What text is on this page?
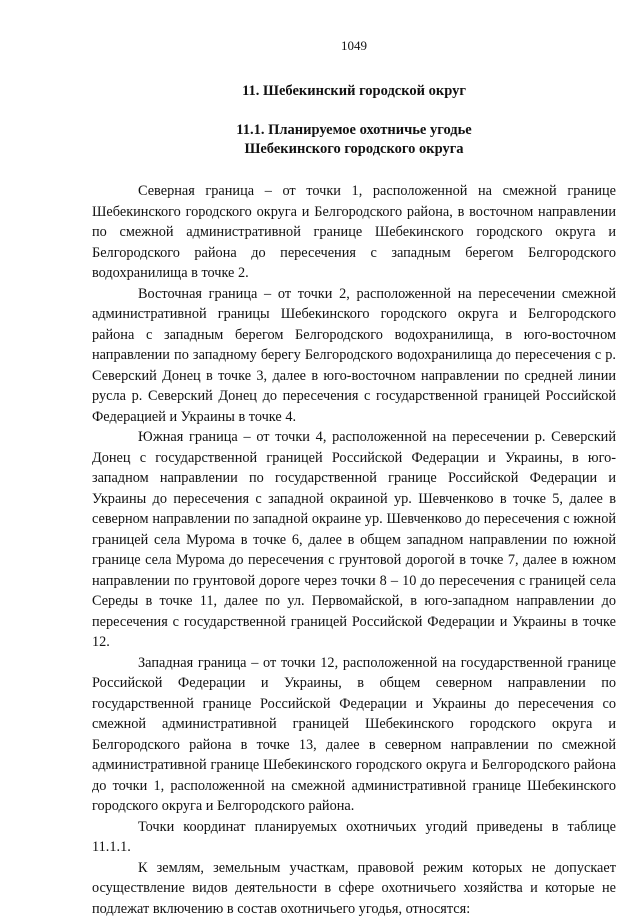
1049
11. Шебекинский городской округ
11.1. Планируемое охотничье угодье
Шебекинского городского округа

Северная граница – от точки 1, расположенной на смежной границе Шебекинского городского округа и Белгородского района, в восточном направлении по смежной административной границе Шебекинского городского округа и Белгородского района до пересечения с западным берегом Белгородского водохранилища в точке 2.

Восточная граница – от точки 2, расположенной на пересечении смежной административной границы Шебекинского городского округа и Белгородского района с западным берегом Белгородского водохранилища, в юго-восточном направлении по западному берегу Белгородского водохранилища до пересечения с р. Северский Донец в точке 3, далее в юго-восточном направлении по средней линии русла р. Северский Донец до пересечения с государственной границей Российской Федерацией и Украины в точке 4.

Южная граница – от точки 4, расположенной на пересечении р. Северский Донец с государственной границей Российской Федерации и Украины, в юго-западном направлении по государственной границе Российской Федерации и Украины до пересечения с западной окраиной ур. Шевченково в точке 5, далее в северном направлении по западной окраине ур. Шевченково до пересечения с южной границей села Мурома в точке 6, далее в общем западном направлении по южной границе села Мурома до пересечения с грунтовой дорогой в точке 7, далее в южном направлении по грунтовой дороге через точки 8 – 10 до пересечения с границей села Середы в точке 11, далее по ул. Первомайской, в юго-западном направлении до пересечения с государственной границей Российской Федерации и Украины в точке 12.

Западная граница – от точки 12, расположенной на государственной границе Российской Федерации и Украины, в общем северном направлении по государственной границе Российской Федерации и Украины до пересечения со смежной административной границей Шебекинского городского округа и Белгородского района в точке 13, далее в северном направлении по смежной административной границе Шебекинского городского округа и Белгородского района до точки 1, расположенной на смежной административной границе Шебекинского городского округа и Белгородского района.

Точки координат планируемых охотничьих угодий приведены в таблице 11.1.1.

К землям, земельным участкам, правовой режим которых не допускает осуществление видов деятельности в сфере охотничьего хозяйства и которые не подлежат включению в состав охотничьего угодья, относятся:
